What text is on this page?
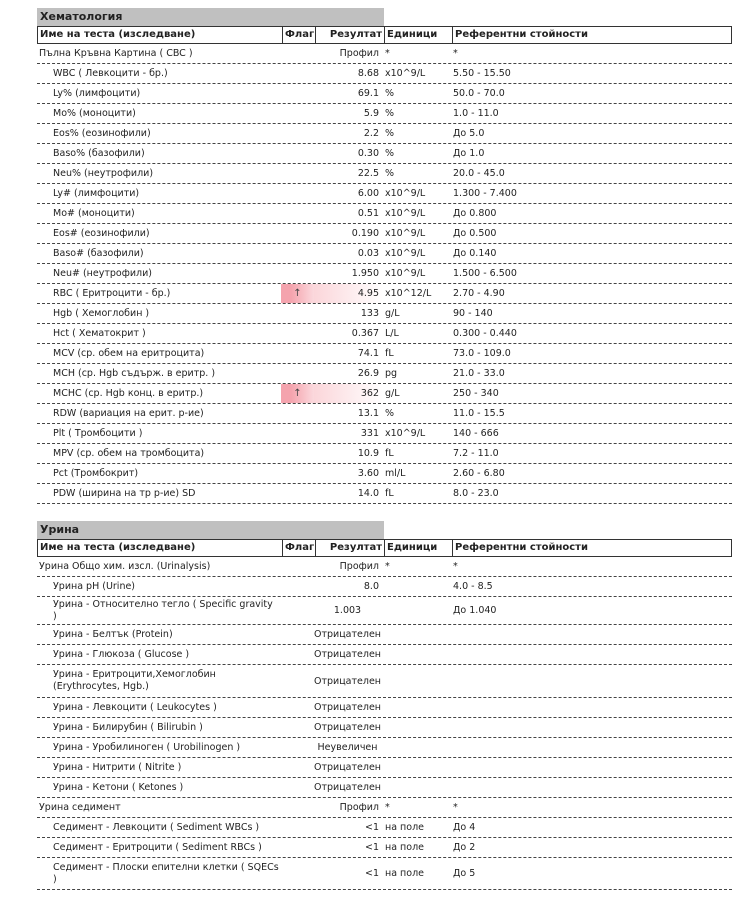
Хематология
Име на теста (изследване)	Флаг	Резултат Единици	Референтни стойности
Пълна Кръвна Картина ( CBC )	Профил *	*
WBC ( Левкоцити - бр.)	8.68 x10^9/L	5.50 - 15.50
Ly% (лимфоцити)	69.1 %	50.0 - 70.0
Mo% (моноцити)	5.9 %	1.0 - 11.0
Eos% (еозинофили)	2.2 %	До 5.0
Baso% (базофили)	0.30 %	До 1.0
Neu% (неутрофили)	22.5 %	20.0 - 45.0
Ly# (лимфоцити)	6.00 x10^9/L	1.300 - 7.400
Mo# (моноцити)	0.51 x10^9/L	До 0.800
Eos# (еозинофили)	0.190 x10^9/L	До 0.500
Baso# (базофили)	0.03 x10^9/L	До 0.140
Neu# (неутрофили)	1.950 x10^9/L	1.500 - 6.500
RBC ( Еритроцити - бр.)	↑	4.95 x10^12/L	2.70 - 4.90
Hgb ( Хемоглобин )	133 g/L	90 - 140
Hct ( Хематокрит )	0.367 L/L	0.300 - 0.440
MCV (ср. обем на еритроцита)	74.1 fL	73.0 - 109.0
MCH (ср. Hgb съдърж. в еритр. )	26.9 pg	21.0 - 33.0
MCHC (ср. Hgb конц. в еритр.)	↑	362 g/L	250 - 340
RDW (вариация на ерит. р-ие)	13.1 %	11.0 - 15.5
Plt ( Тромбоцити )	331 x10^9/L	140 - 666
MPV (ср. обем на тромбоцита)	10.9 fL	7.2 - 11.0
Pct (Тромбокрит)	3.60 ml/L	2.60 - 6.80
PDW (ширина на тр р-ие) SD	14.0 fL	8.0 - 23.0
Урина
Име на теста (изследване)	Флаг	Резултат Единици	Референтни стойности
Урина Общо хим. изсл. (Urinalysis)	Профил *	*
Урина pH (Urine)	8.0	4.0 - 8.5
Урина - Относително тегло ( Specific gravity )	1.003	До 1.040
Урина - Белтък (Protein)	Отрицателен
Урина - Глюкоза ( Glucose )	Отрицателен
Урина - Еритроцити,Хемоглобин (Erythrocytes, Hgb.)	Отрицателен
Урина - Левкоцити ( Leukocytes )	Отрицателен
Урина - Билирубин ( Bilirubin )	Отрицателен
Урина - Уробилиноген ( Urobilinogen )	Неувеличен
Урина - Нитрити ( Nitrite )	Отрицателен
Урина - Кетони ( Ketones )	Отрицателен
Урина седимент	Профил *	*
Седимент - Левкоцити ( Sediment WBCs )	<1 на поле	До 4
Седимент - Еритроцити ( Sediment RBCs )	<1 на поле	До 2
Седимент - Плоски епителни клетки ( SQECs )	<1 на поле	До 5
